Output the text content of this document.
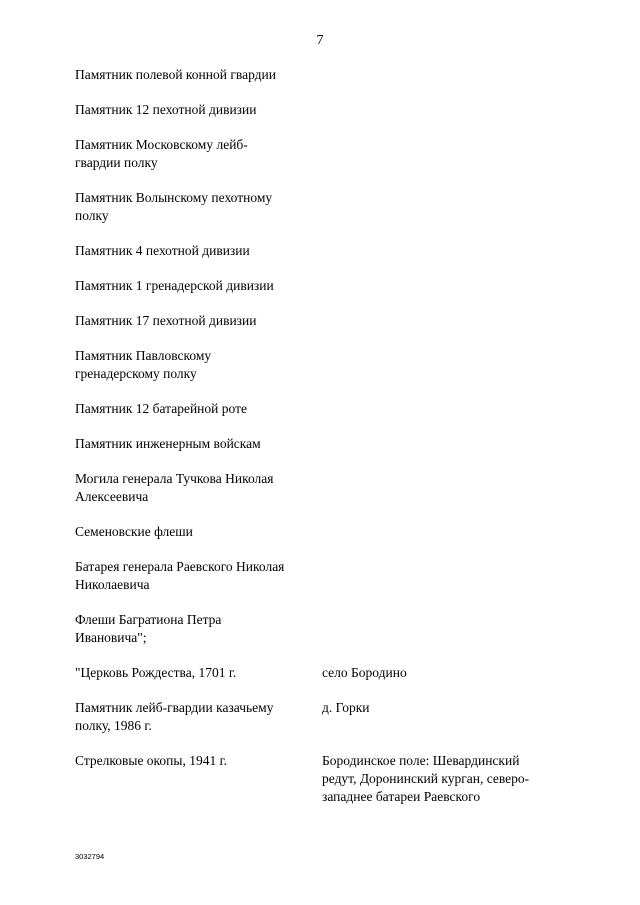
7
Памятник полевой конной гвардии
Памятник 12 пехотной дивизии
Памятник Московскому лейб-
гвардии полку
Памятник Волынскому пехотному
полку
Памятник 4 пехотной дивизии
Памятник 1 гренадерской дивизии
Памятник 17 пехотной дивизии
Памятник Павловскому
гренадерскому полку
Памятник 12 батарейной роте
Памятник инженерным войскам
Могила генерала Тучкова Николая
Алексеевича
Семеновские флеши
Батарея генерала Раевского Николая
Николаевича
Флеши Багратиона Петра
Ивановича";
"Церковь Рождества, 1701 г.	село Бородино
Памятник лейб-гвардии казачьему
полку, 1986 г.
д. Горки
Стрелковые окопы, 1941 г.	Бородинское поле: Шевардинский
редут, Доронинский курган, северо-
западнее батареи Раевского
3032794
